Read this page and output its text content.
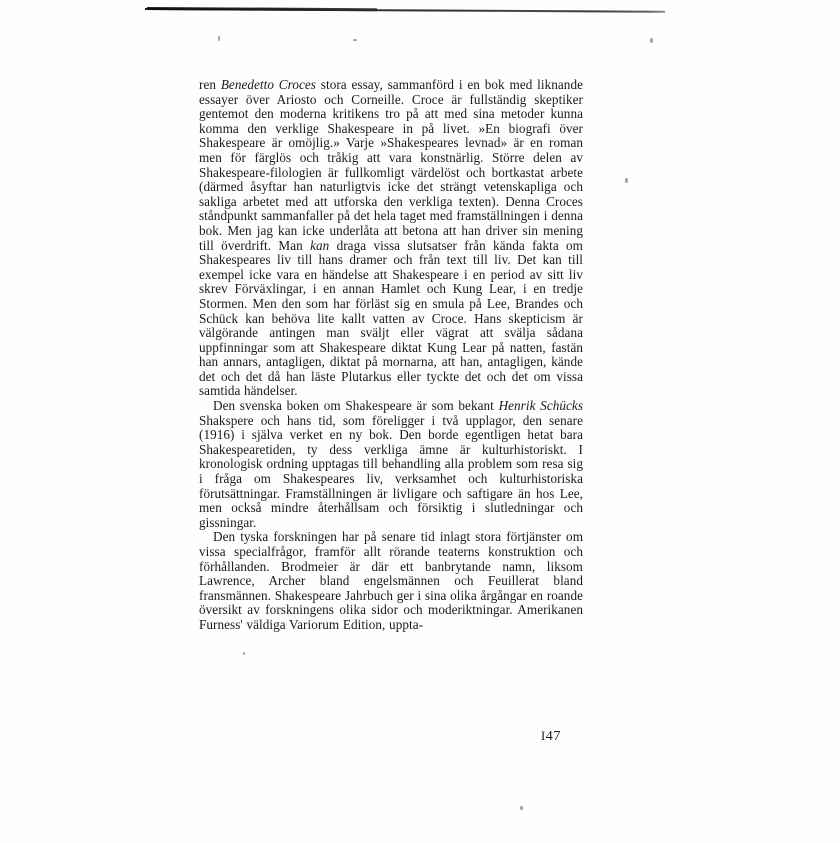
ren Benedetto Croces stora essay, sammanförd i en bok med liknande essayer över Ariosto och Corneille. Croce är fullständig skeptiker gentemot den moderna kritikens tro på att med sina metoder kunna komma den verklige Shakespeare in på livet. »En biografi över Shakespeare är omöjlig.» Varje »Shakespeares levnad» är en roman men för färglös och tråkig att vara konstnärlig. Större delen av Shakespeare-filologien är fullkomligt värdelöst och bortkastat arbete (därmed åsyftar han naturligtvis icke det strängt vetenskapliga och sakliga arbetet med att utforska den verkliga texten). Denna Croces ståndpunkt sammanfaller på det hela taget med framställningen i denna bok. Men jag kan icke underlåta att betona att han driver sin mening till överdrift. Man kan draga vissa slutsatser från kända fakta om Shakespeares liv till hans dramer och från text till liv. Det kan till exempel icke vara en händelse att Shakespeare i en period av sitt liv skrev Förväxlingar, i en annan Hamlet och Kung Lear, i en tredje Stormen. Men den som har förläst sig en smula på Lee, Brandes och Schück kan behöva lite kallt vatten av Croce. Hans skepticism är välgörande antingen man sväljt eller vägrat att svälja sådana uppfinningar som att Shakespeare diktat Kung Lear på natten, fastän han annars, antagligen, diktat på mornarna, att han, antagligen, kände det och det då han läste Plutarkus eller tyckte det och det om vissa samtida händelser.

Den svenska boken om Shakespeare är som bekant Henrik Schücks Shakspere och hans tid, som föreligger i två upplagor, den senare (1916) i själva verket en ny bok. Den borde egentligen hetat bara Shakespearetiden, ty dess verkliga ämne är kulturhistoriskt. I kronologisk ordning upptagas till behandling alla problem som resa sig i fråga om Shakespeares liv, verksamhet och kulturhistoriska förutsättningar. Framställningen är livligare och saftigare än hos Lee, men också mindre återhållsam och försiktig i slutledningar och gissningar.

Den tyska forskningen har på senare tid inlagt stora förtjänster om vissa specialfrågor, framför allt rörande teaterns konstruktion och förhållanden. Brodmeier är där ett banbrytande namn, liksom Lawrence, Archer bland engelsmännen och Feuillerat bland fransmännen. Shakespeare Jahrbuch ger i sina olika årgångar en roande översikt av forskningens olika sidor och moderiktningar. Amerikanen Furness' väldiga Variorum Edition, uppta-

I47
